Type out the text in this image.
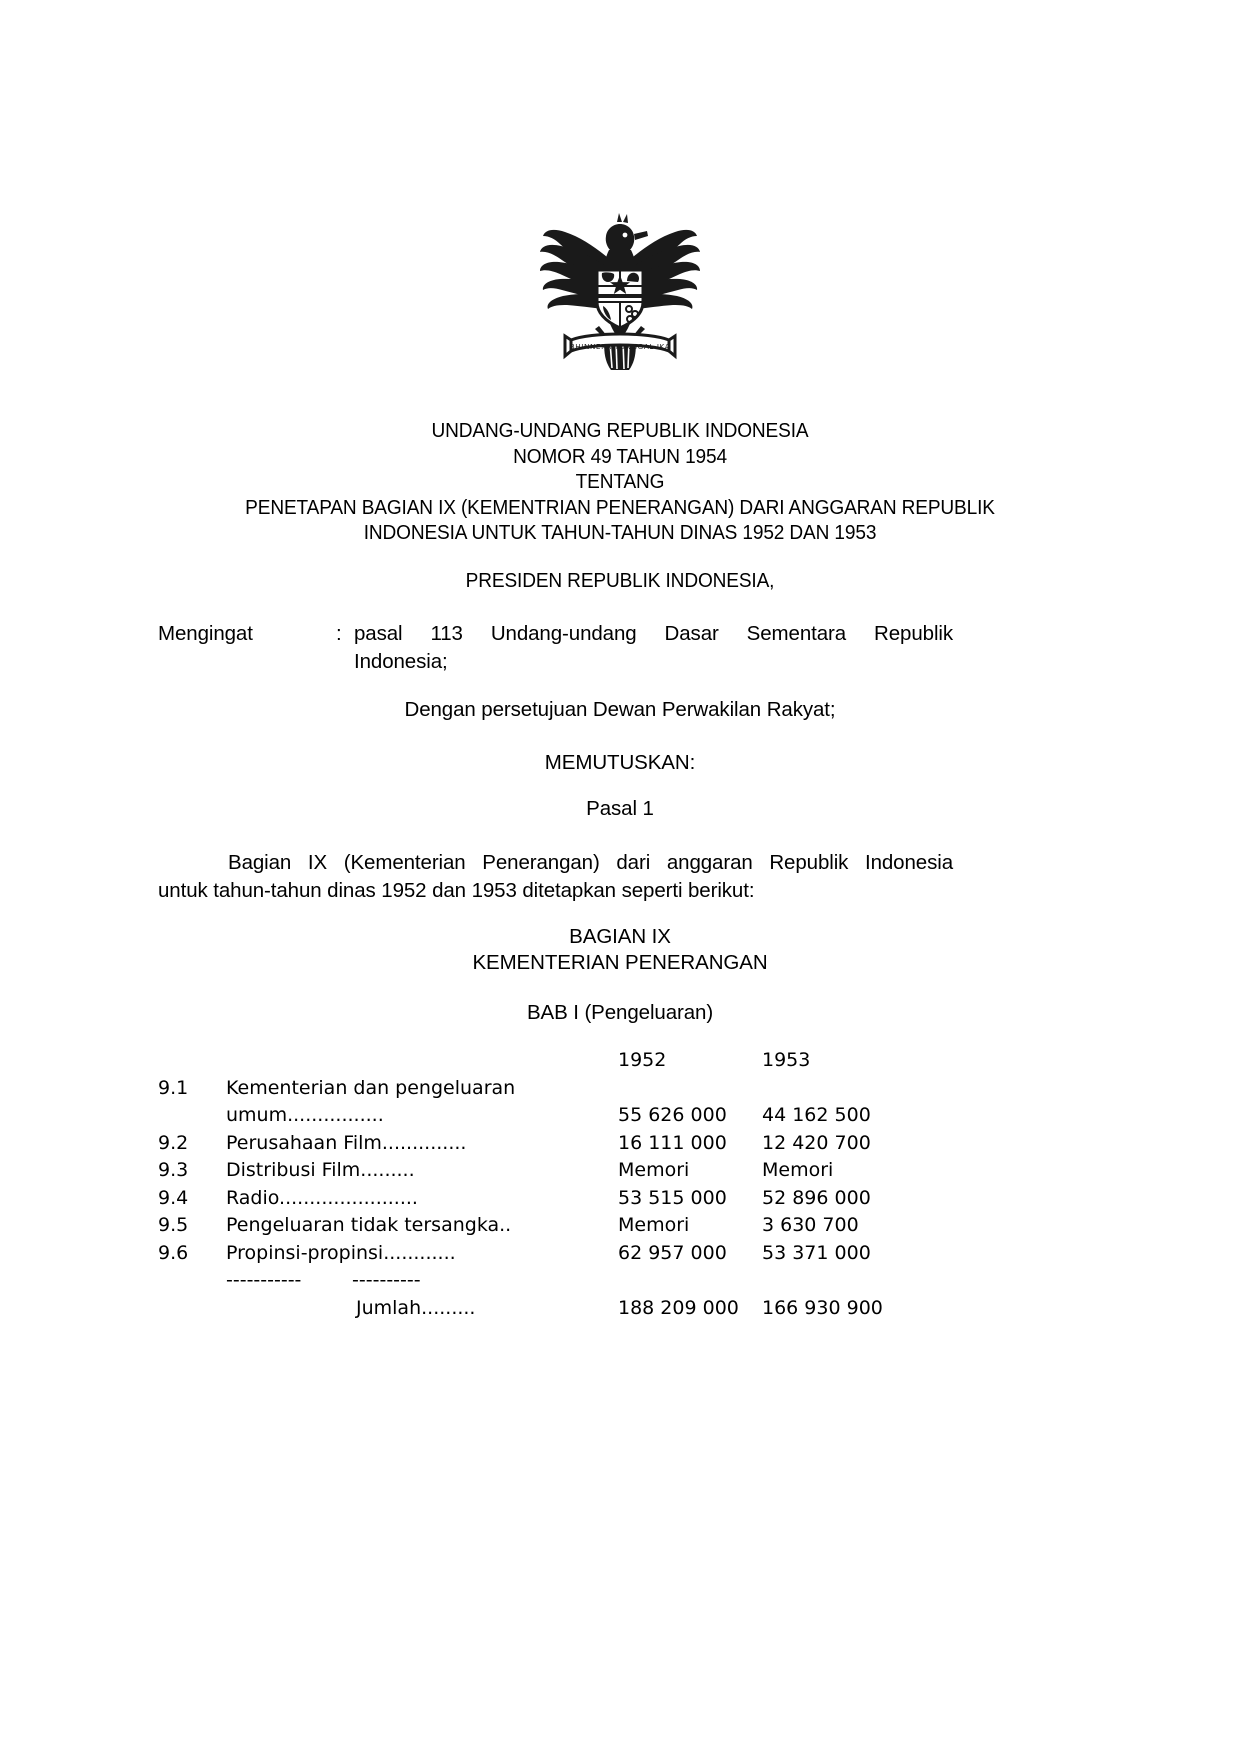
BHINNEKA TUNGGAL IKA
UNDANG-UNDANG REPUBLIK INDONESIA
NOMOR 49 TAHUN 1954
TENTANG
PENETAPAN BAGIAN IX (KEMENTRIAN PENERANGAN) DARI ANGGARAN REPUBLIK
INDONESIA UNTUK TAHUN-TAHUN DINAS 1952 DAN 1953
PRESIDEN REPUBLIK INDONESIA,
Mengingat	: pasal 113 Undang-undang Dasar Sementara Republik
Indonesia;
Dengan persetujuan Dewan Perwakilan Rakyat;
MEMUTUSKAN:
Pasal 1
Bagian IX (Kementerian Penerangan) dari anggaran Republik Indonesia
untuk tahun-tahun dinas 1952 dan 1953 ditetapkan seperti berikut:
BAGIAN IX
KEMENTERIAN PENERANGAN
BAB I (Pengeluaran)
1952	1953
9.1	Kementerian dan pengeluaran
umum................	55 626 000	44 162 500
9.2	Perusahaan Film..............	16 111 000	12 420 700
9.3	Distribusi Film.........	Memori	Memori
9.4	Radio.......................	53 515 000	52 896 000
9.5	Pengeluaran tidak tersangka..	Memori	3 630 700
9.6	Propinsi-propinsi............	62 957 000	53 371 000
-----------	----------
Jumlah.........	188 209 000	166 930 900
